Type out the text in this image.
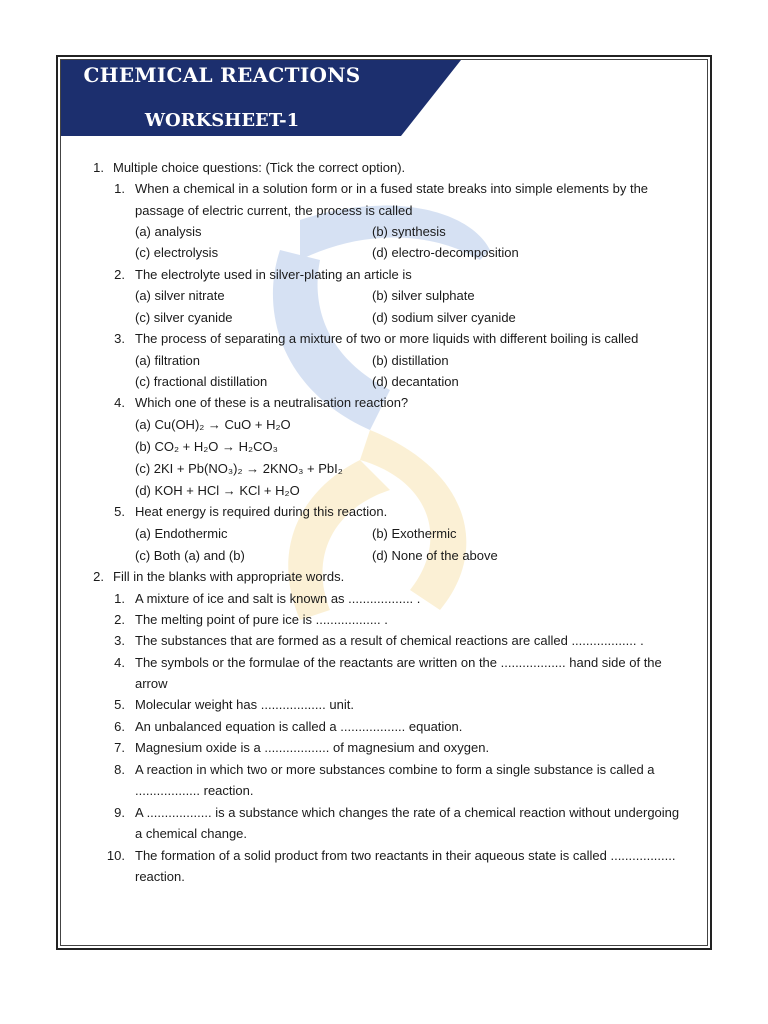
CHEMICAL REACTIONS
WORKSHEET-1
1. Multiple choice questions: (Tick the correct option).
1. When a chemical in a solution form or in a fused state breaks into simple elements by the
passage of electric current, the process is called
(a) analysis	(b) synthesis
(c) electrolysis	(d) electro-decomposition
2. The electrolyte used in silver-plating an article is
(a) silver nitrate	(b) silver sulphate
(c) silver cyanide	(d) sodium silver cyanide
3. The process of separating a mixture of two or more liquids with different boiling is called
(a) filtration	(b) distillation
(c) fractional distillation	(d) decantation
4. Which one of these is a neutralisation reaction?
(a) Cu(OH)₂ → CuO + H₂O
(b) CO₂ + H₂O → H₂CO₃
(c) 2KI + Pb(NO₃)₂ → 2KNO₃ + PbI₂
(d) KOH + HCl → KCl + H₂O
5. Heat energy is required during this reaction.
(a) Endothermic	(b) Exothermic
(c) Both (a) and (b)	(d) None of the above
2. Fill in the blanks with appropriate words.
1. A mixture of ice and salt is known as .................. .
2. The melting point of pure ice is .................. .
3. The substances that are formed as a result of chemical reactions are called .................. .
4. The symbols or the formulae of the reactants are written on the .................. hand side of the
arrow
5. Molecular weight has .................. unit.
6. An unbalanced equation is called a .................. equation.
7. Magnesium oxide is a .................. of magnesium and oxygen.
8. A reaction in which two or more substances combine to form a single substance is called a
.................. reaction.
9. A .................. is a substance which changes the rate of a chemical reaction without undergoing
a chemical change.
10. The formation of a solid product from two reactants in their aqueous state is called ..................
reaction.
